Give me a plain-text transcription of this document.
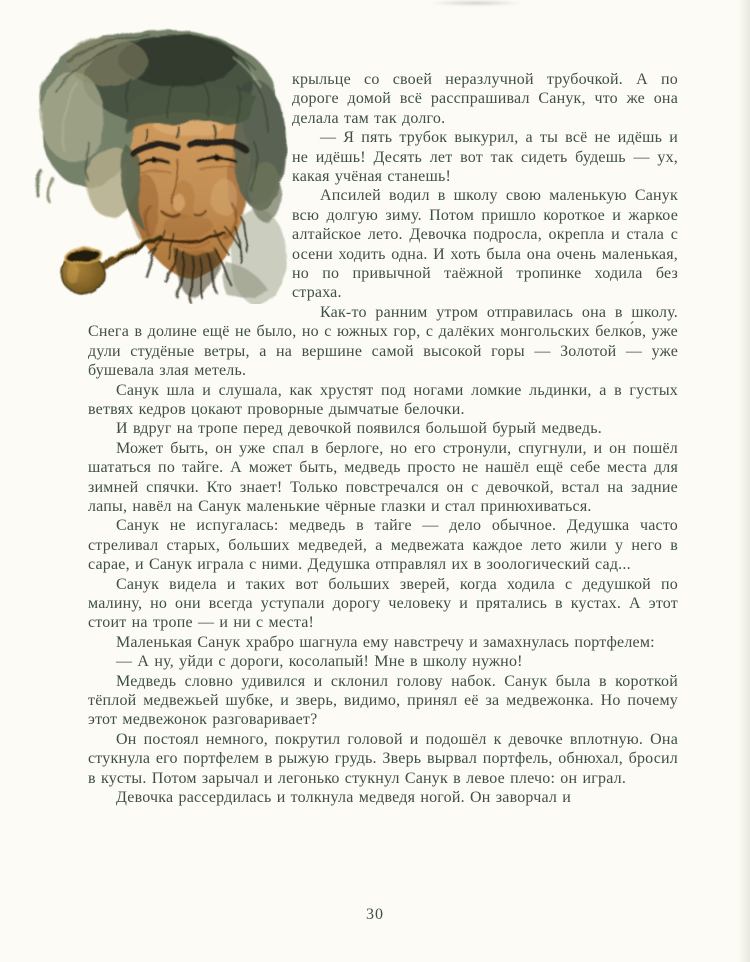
крыльце со своей неразлучной трубочкой. А по дороге домой всё расспрашивал Санук, что же она делала там так долго.

— Я пять трубок выкурил, а ты всё не идёшь и не идёшь! Десять лет вот так сидеть будешь — ух, какая учёная станешь!

Апсилей водил в школу свою маленькую Санук всю долгую зиму. Потом пришло короткое и жаркое алтайское лето. Девочка подросла, окрепла и стала с осени ходить одна. И хоть была она очень маленькая, но по привычной таёжной тропинке ходила без страха.

Как-то ранним утром отправилась она в школу. Снега в долине ещё не было, но с южных гор, с далёких монгольских белко́в, уже дули студёные ветры, а на вершине самой высокой горы — Золотой — уже бушевала злая метель.

Санук шла и слушала, как хрустят под ногами ломкие льдинки, а в густых ветвях кедров цокают проворные дымчатые белочки.

И вдруг на тропе перед девочкой появился большой бурый медведь.

Может быть, он уже спал в берлоге, но его стронули, спугнули, и он пошёл шататься по тайге. А может быть, медведь просто не нашёл ещё себе места для зимней спячки. Кто знает! Только повстречался он с девочкой, встал на задние лапы, навёл на Санук маленькие чёрные глазки и стал принюхиваться.

Санук не испугалась: медведь в тайге — дело обычное. Дедушка часто стреливал старых, больших медведей, а медвежата каждое лето жили у него в сарае, и Санук играла с ними. Дедушка отправлял их в зоологический сад...

Санук видела и таких вот больших зверей, когда ходила с дедушкой по малину, но они всегда уступали дорогу человеку и прятались в кустах. А этот стоит на тропе — и ни с места!

Маленькая Санук храбро шагнула ему навстречу и замахнулась портфелем:

— А ну, уйди с дороги, косолапый! Мне в школу нужно!

Медведь словно удивился и склонил голову набок. Санук была в короткой тёплой медвежьей шубке, и зверь, видимо, принял её за медвежонка. Но почему этот медвежонок разговаривает?

Он постоял немного, покрутил головой и подошёл к девочке вплотную. Она стукнула его портфелем в рыжую грудь. Зверь вырвал портфель, обнюхал, бросил в кусты. Потом зарычал и легонько стукнул Санук в левое плечо: он играл.

Девочка рассердилась и толкнула медведя ногой. Он заворчал и

30
